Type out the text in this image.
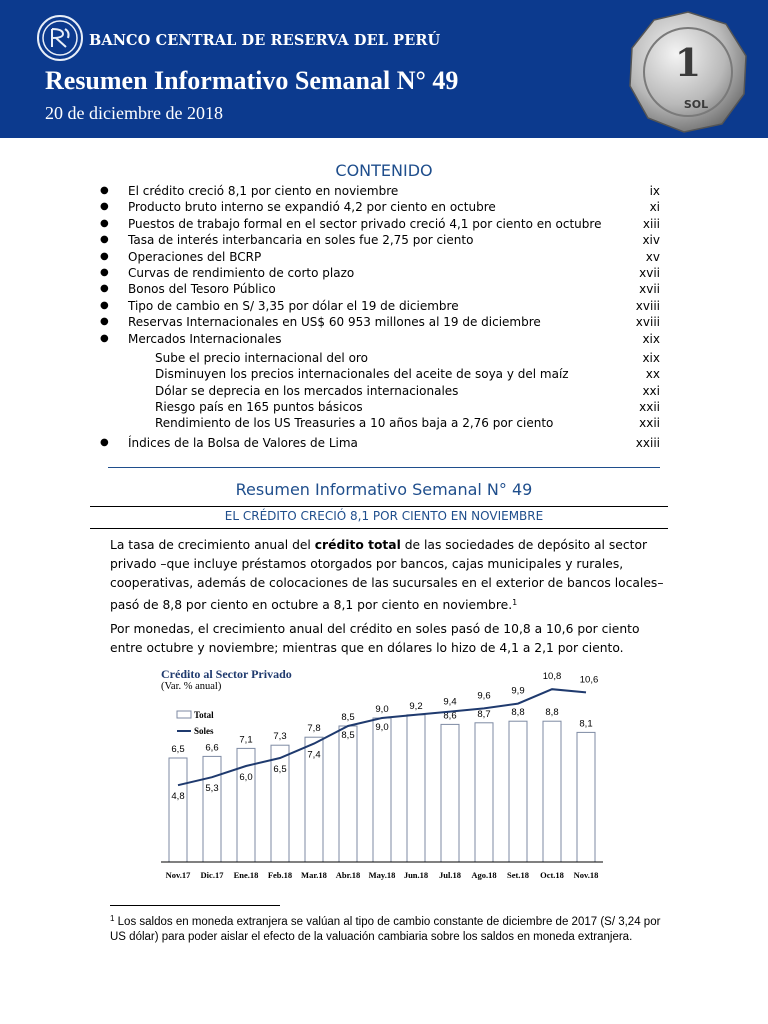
BANCO CENTRAL DE RESERVA DEL PERÚ
Resumen Informativo Semanal N° 49
20 de diciembre de 2018
1
SOL
CONTENIDO
● El crédito creció 8,1 por ciento en noviembre	ix
● Producto bruto interno se expandió 4,2 por ciento en octubre	xi
● Puestos de trabajo formal en el sector privado creció 4,1 por ciento en octubre	xiii
● Tasa de interés interbancaria en soles fue 2,75 por ciento	xiv
● Operaciones del BCRP	xv
● Curvas de rendimiento de corto plazo	xvii
● Bonos del Tesoro Público	xvii
● Tipo de cambio en S/ 3,35 por dólar el 19 de diciembre	xviii
● Reservas Internacionales en US$ 60 953 millones al 19 de diciembre	xviii
● Mercados Internacionales	xix
Sube el precio internacional del oro	xix
Disminuyen los precios internacionales del aceite de soya y del maíz	xx
Dólar se deprecia en los mercados internacionales	xxi
Riesgo país en 165 puntos básicos	xxii
Rendimiento de los US Treasuries a 10 años baja a 2,76 por ciento	xxii
● Índices de la Bolsa de Valores de Lima	xxiii
Resumen Informativo Semanal N° 49
EL CRÉDITO CRECIÓ 8,1 POR CIENTO EN NOVIEMBRE
La tasa de crecimiento anual del crédito total de las sociedades de depósito al sector privado –que incluye préstamos otorgados por bancos, cajas municipales y rurales, cooperativas, además de colocaciones de las sucursales en el exterior de bancos locales– pasó de 8,8 por ciento en octubre a 8,1 por ciento en noviembre.$^1$
Por monedas, el crecimiento anual del crédito en soles pasó de 10,8 a 10,6 por ciento entre octubre y noviembre; mientras que en dólares lo hizo de 4,1 a 2,1 por ciento.
Crédito al Sector Privado
(Var. % anual)
6,5
Nov.17
6,6
Dic.17
7,1
Ene.18
7,3
Feb.18
7,8
Mar.18
8,5
Abr.18
9,0
May.18
9,2
Jun.18
8,6
Jul.18
8,7
Ago.18
8,8
Set.18
8,8
Oct.18
8,1
Nov.18
4,8
5,3
6,0
6,5
7,4
8,5
9,0
9,4
9,6 9,9
10,8 10,6
Total
Soles
$^1$ Los saldos en moneda extranjera se valúan al tipo de cambio constante de diciembre de 2017 (S/ 3,24 por US dólar) para poder aislar el efecto de la valuación cambiaria sobre los saldos en moneda extranjera.
